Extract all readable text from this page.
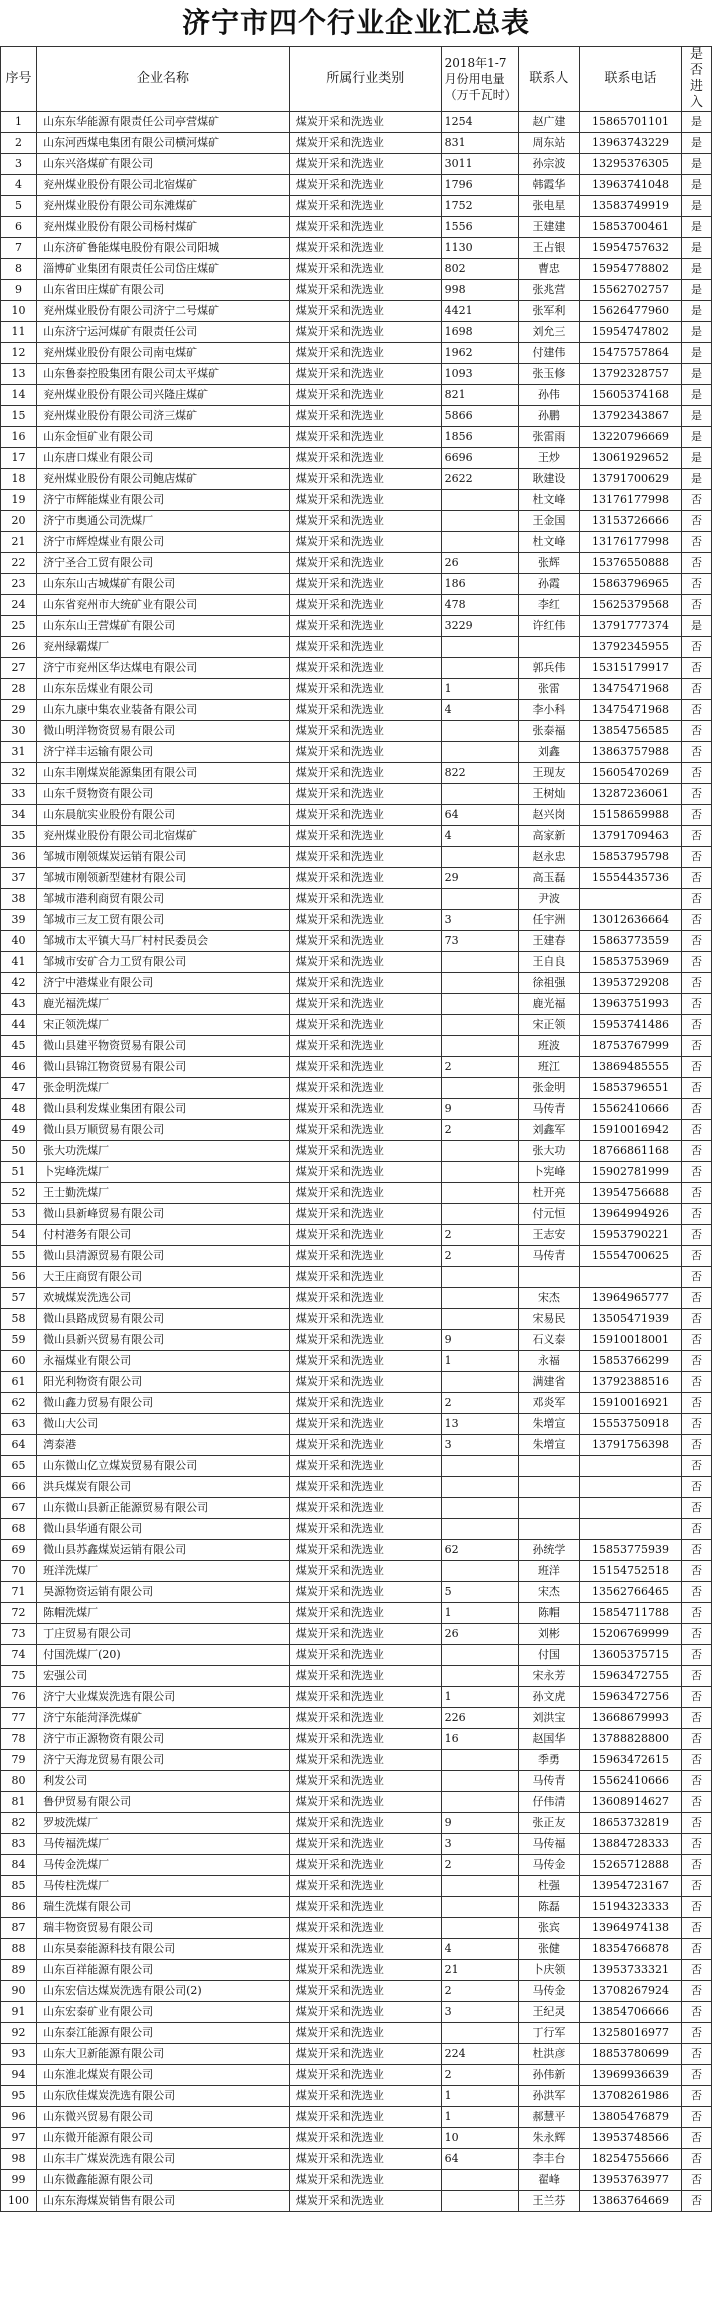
济宁市四个行业企业汇总表
序号	企业名称	所属行业类别	2018年1-7月份用电量（万千瓦时）	联系人	联系电话	是否进入
1	山东东华能源有限责任公司亭营煤矿	煤炭开采和洗选业	1254	赵广建	15865701101	是
2	山东河西煤电集团有限公司横河煤矿	煤炭开采和洗选业	831	周东站	13963743229	是
3	山东兴洛煤矿有限公司	煤炭开采和洗选业	3011	孙宗波	13295376305	是
4	兖州煤业股份有限公司北宿煤矿	煤炭开采和洗选业	1796	韩霞华	13963741048	是
5	兖州煤业股份有限公司东滩煤矿	煤炭开采和洗选业	1752	张电星	13583749919	是
6	兖州煤业股份有限公司杨村煤矿	煤炭开采和洗选业	1556	王建建	15853700461	是
7	山东济矿鲁能煤电股份有限公司阳城	煤炭开采和洗选业	1130	王占银	15954757632	是
8	淄博矿业集团有限责任公司岱庄煤矿	煤炭开采和洗选业	802	曹忠	15954778802	是
9	山东省田庄煤矿有限公司	煤炭开采和洗选业	998	张兆营	15562702757	是
10	兖州煤业股份有限公司济宁二号煤矿	煤炭开采和洗选业	4421	张军利	15626477960	是
11	山东济宁运河煤矿有限责任公司	煤炭开采和洗选业	1698	刘允三	15954747802	是
12	兖州煤业股份有限公司南屯煤矿	煤炭开采和洗选业	1962	付建伟	15475757864	是
13	山东鲁泰控股集团有限公司太平煤矿	煤炭开采和洗选业	1093	张玉修	13792328757	是
14	兖州煤业股份有限公司兴隆庄煤矿	煤炭开采和洗选业	821	孙伟	15605374168	是
15	兖州煤业股份有限公司济三煤矿	煤炭开采和洗选业	5866	孙鹏	13792343867	是
16	山东金恒矿业有限公司	煤炭开采和洗选业	1856	张雷雨	13220796669	是
17	山东唐口煤业有限公司	煤炭开采和洗选业	6696	王炒	13061929652	是
18	兖州煤业股份有限公司鲍店煤矿	煤炭开采和洗选业	2622	耿建设	13791700629	是
19	济宁市辉能煤业有限公司	煤炭开采和洗选业		杜文峰	13176177998	否
20	济宁市奥通公司洗煤厂	煤炭开采和洗选业		王金国	13153726666	否
21	济宁市辉煌煤业有限公司	煤炭开采和洗选业		杜文峰	13176177998	否
22	济宁圣合工贸有限公司	煤炭开采和洗选业	26	张辉	15376550888	否
23	山东东山古城煤矿有限公司	煤炭开采和洗选业	186	孙霞	15863796965	否
24	山东省兖州市大统矿业有限公司	煤炭开采和洗选业	478	李红	15625379568	否
25	山东东山王营煤矿有限公司	煤炭开采和洗选业	3229	许红伟	13791777374	是
26	兖州绿霸煤厂	煤炭开采和洗选业			13792345955	否
27	济宁市兖州区华达煤电有限公司	煤炭开采和洗选业		郭兵伟	15315179917	否
28	山东东岳煤业有限公司	煤炭开采和洗选业	1	张雷	13475471968	否
29	山东九康中集农业装备有限公司	煤炭开采和洗选业	4	李小科	13475471968	否
30	微山明洋物资贸易有限公司	煤炭开采和洗选业		张泰福	13854756585	否
31	济宁祥丰运输有限公司	煤炭开采和洗选业		刘鑫	13863757988	否
32	山东丰刚煤炭能源集团有限公司	煤炭开采和洗选业	822	王现友	15605470269	否
33	山东千贤物资有限公司	煤炭开采和洗选业		王树灿	13287236061	否
34	山东晨航实业股份有限公司	煤炭开采和洗选业	64	赵兴岗	15158659988	否
35	兖州煤业股份有限公司北宿煤矿	煤炭开采和洗选业	4	高家新	13791709463	否
36	邹城市刚领煤炭运销有限公司	煤炭开采和洗选业		赵永忠	15853795798	否
37	邹城市刚领新型建材有限公司	煤炭开采和洗选业	29	高玉磊	15554435736	否
38	邹城市港利商贸有限公司	煤炭开采和洗选业		尹波		否
39	邹城市三友工贸有限公司	煤炭开采和洗选业	3	任宇洲	13012636664	否
40	邹城市太平镇大马厂村村民委员会	煤炭开采和洗选业	73	王建春	15863773559	否
41	邹城市安矿合力工贸有限公司	煤炭开采和洗选业		王自良	15853753969	否
42	济宁中港煤业有限公司	煤炭开采和洗选业		徐祖强	13953729208	否
43	鹿光福洗煤厂	煤炭开采和洗选业		鹿光福	13963751993	否
44	宋正领洗煤厂	煤炭开采和洗选业		宋正领	15953741486	否
45	微山县建平物资贸易有限公司	煤炭开采和洗选业		班波	18753767999	否
46	微山县锦江物资贸易有限公司	煤炭开采和洗选业	2	班江	13869485555	否
47	张金明洗煤厂	煤炭开采和洗选业		张金明	15853796551	否
48	微山县利发煤业集团有限公司	煤炭开采和洗选业	9	马传青	15562410666	否
49	微山县万顺贸易有限公司	煤炭开采和洗选业	2	刘鑫军	15910016942	否
50	张大功洗煤厂	煤炭开采和洗选业		张大功	18766861168	否
51	卜宪峰洗煤厂	煤炭开采和洗选业		卜宪峰	15902781999	否
52	王士勤洗煤厂	煤炭开采和洗选业		杜开亮	13954756688	否
53	微山县新峰贸易有限公司	煤炭开采和洗选业		付元恒	13964994926	否
54	付村港务有限公司	煤炭开采和洗选业	2	王志安	15953790221	否
55	微山县清源贸易有限公司	煤炭开采和洗选业	2	马传青	15554700625	否
56	大王庄商贸有限公司	煤炭开采和洗选业				否
57	欢城煤炭洗选公司	煤炭开采和洗选业		宋杰	13964965777	否
58	微山县路成贸易有限公司	煤炭开采和洗选业		宋易民	13505471939	否
59	微山县新兴贸易有限公司	煤炭开采和洗选业	9	石义泰	15910018001	否
60	永福煤业有限公司	煤炭开采和洗选业	1	永福	15853766299	否
61	阳光利物资有限公司	煤炭开采和洗选业		满建省	13792388516	否
62	微山鑫力贸易有限公司	煤炭开采和洗选业	2	邓炎军	15910016921	否
63	微山大公司	煤炭开采和洗选业	13	朱增宣	15553750918	否
64	湾泰港	煤炭开采和洗选业	3	朱增宣	13791756398	否
65	山东微山亿立煤炭贸易有限公司	煤炭开采和洗选业				否
66	洪兵煤炭有限公司	煤炭开采和洗选业				否
67	山东微山县新正能源贸易有限公司	煤炭开采和洗选业				否
68	微山县华通有限公司	煤炭开采和洗选业				否
69	微山县苏鑫煤炭运销有限公司	煤炭开采和洗选业	62	孙统学	15853775939	否
70	班洋洗煤厂	煤炭开采和洗选业		班洋	15154752518	否
71	昊源物资运销有限公司	煤炭开采和洗选业	5	宋杰	13562766465	否
72	陈帽洗煤厂	煤炭开采和洗选业	1	陈帽	15854711788	否
73	丁庄贸易有限公司	煤炭开采和洗选业	26	刘彬	15206769999	否
74	付国洗煤厂(20)	煤炭开采和洗选业		付国	13605375715	否
75	宏强公司	煤炭开采和洗选业		宋永芳	15963472755	否
76	济宁大业煤炭洗选有限公司	煤炭开采和洗选业	1	孙文虎	15963472756	否
77	济宁东能菏泽洗煤矿	煤炭开采和洗选业	226	刘洪宝	13668679993	否
78	济宁市正源物资有限公司	煤炭开采和洗选业	16	赵国华	13788828800	否
79	济宁天海龙贸易有限公司	煤炭开采和洗选业		季勇	15963472615	否
80	利发公司	煤炭开采和洗选业		马传青	15562410666	否
81	鲁伊贸易有限公司	煤炭开采和洗选业		仔伟清	13608914627	否
82	罗坡洗煤厂	煤炭开采和洗选业	9	张正友	18653732819	否
83	马传福洗煤厂	煤炭开采和洗选业	3	马传福	13884728333	否
84	马传金洗煤厂	煤炭开采和洗选业	2	马传金	15265712888	否
85	马传柱洗煤厂	煤炭开采和洗选业		杜强	13954723167	否
86	瑞生洗煤有限公司	煤炭开采和洗选业		陈磊	15194323333	否
87	瑞丰物资贸易有限公司	煤炭开采和洗选业		张宾	13964974138	否
88	山东昊泰能源科技有限公司	煤炭开采和洗选业	4	张健	18354766878	否
89	山东百祥能源有限公司	煤炭开采和洗选业	21	卜庆领	13953733321	否
90	山东宏信达煤炭洗选有限公司(2)	煤炭开采和洗选业	2	马传金	13708267924	否
91	山东宏泰矿业有限公司	煤炭开采和洗选业	3	王纪灵	13854706666	否
92	山东泰江能源有限公司	煤炭开采和洗选业		丁行军	13258016977	否
93	山东大卫新能源有限公司	煤炭开采和洗选业	224	杜洪彦	18853780699	否
94	山东淮北煤炭有限公司	煤炭开采和洗选业	2	孙伟新	13969936639	否
95	山东欣佳煤炭洗选有限公司	煤炭开采和洗选业	1	孙洪军	13708261986	否
96	山东微兴贸易有限公司	煤炭开采和洗选业	1	郝慧平	13805476879	否
97	山东微开能源有限公司	煤炭开采和洗选业	10	朱永辉	13953748566	否
98	山东丰广煤炭洗选有限公司	煤炭开采和洗选业	64	李丰台	18254755666	否
99	山东微鑫能源有限公司	煤炭开采和洗选业		翟峰	13953763977	否
100	山东东海煤炭销售有限公司	煤炭开采和洗选业		王兰芬	13863764669	否
